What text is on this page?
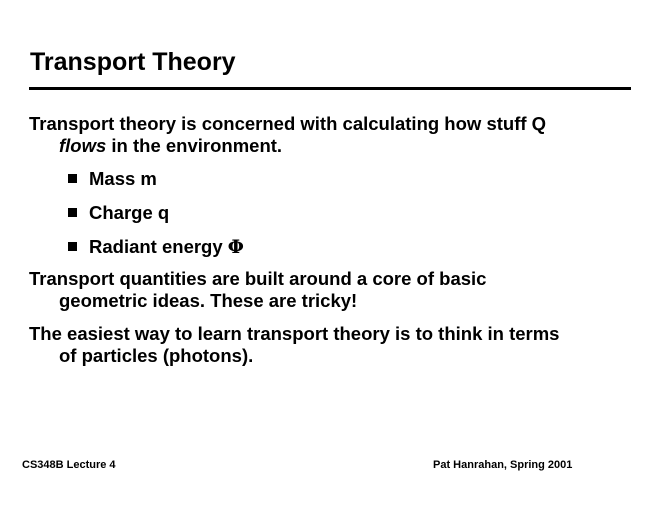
Transport Theory
Transport theory is concerned with calculating how stuff Q
flows in the environment.
Mass m
Charge q
Radiant energy Φ
Transport quantities are built around a core of basic
geometric ideas. These are tricky!
The easiest way to learn transport theory is to think in terms
of particles (photons).
CS348B Lecture 4	Pat Hanrahan, Spring 2001
